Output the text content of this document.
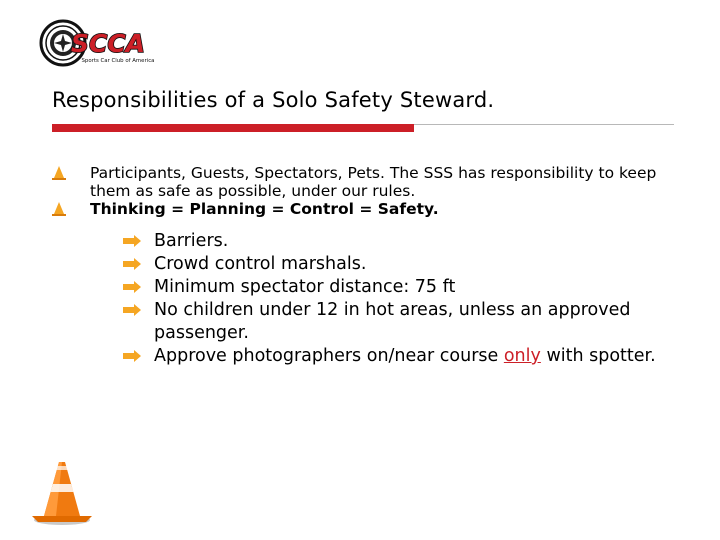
SCCA
Sports Car Club of America
Responsibilities of a Solo Safety Steward.
Participants, Guests, Spectators, Pets. The SSS has responsibility to keep them as safe as possible, under our rules.
Thinking = Planning = Control = Safety.
Barriers.
Crowd control marshals.
Minimum spectator distance: 75 ft
No children under 12 in hot areas, unless an approved passenger.
Approve photographers on/near course only with spotter.
